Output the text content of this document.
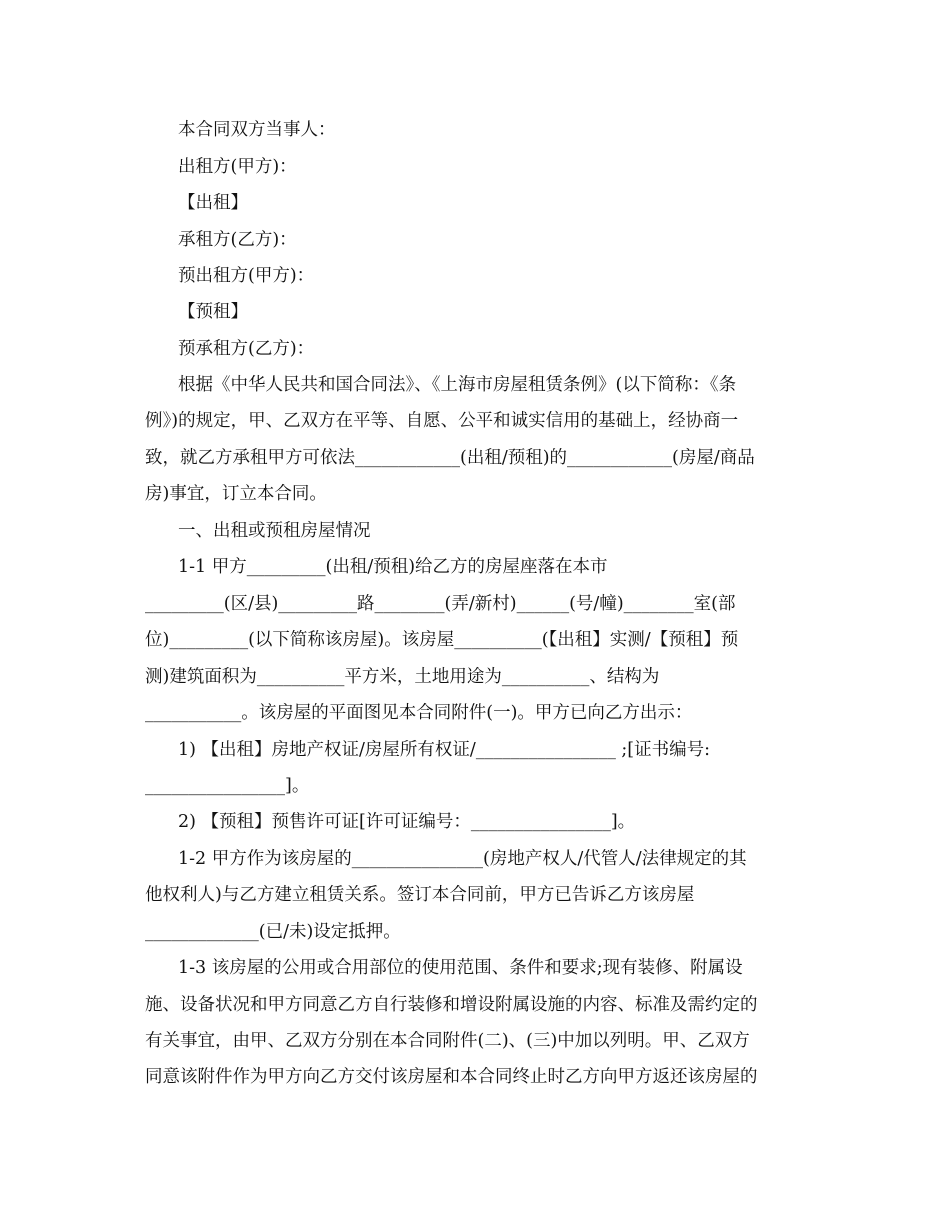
本合同双方当事人：
出租方(甲方)：
【出租】
承租方(乙方)：
预出租方(甲方)：
【预租】
预承租方(乙方)：
根据《中华人民共和国合同法》、《上海市房屋租赁条例》(以下简称：《条
例》)的规定，甲、乙双方在平等、自愿、公平和诚实信用的基础上，经协商一
致，就乙方承租甲方可依法____________(出租/预租)的____________(房屋/商品
房)事宜，订立本合同。
一、出租或预租房屋情况
1-1 甲方_________(出租/预租)给乙方的房屋座落在本市
_________(区/县)_________路________(弄/新村)______(号/幢)________室(部
位)_________(以下简称该房屋)。该房屋__________(【出租】实测/【预租】预
测)建筑面积为__________平方米，土地用途为__________、结构为
___________。该房屋的平面图见本合同附件(一)。甲方已向乙方出示：
1) 【出租】房地产权证/房屋所有权证/________________ ;[证书编号:
________________]。
2) 【预租】预售许可证[许可证编号：________________]。
1-2 甲方作为该房屋的_______________(房地产权人/代管人/法律规定的其
他权利人)与乙方建立租赁关系。签订本合同前，甲方已告诉乙方该房屋
_____________(已/未)设定抵押。
1-3 该房屋的公用或合用部位的使用范围、条件和要求;现有装修、附属设
施、设备状况和甲方同意乙方自行装修和增设附属设施的内容、标准及需约定的
有关事宜，由甲、乙双方分别在本合同附件(二)、(三)中加以列明。甲、乙双方
同意该附件作为甲方向乙方交付该房屋和本合同终止时乙方向甲方返还该房屋的
